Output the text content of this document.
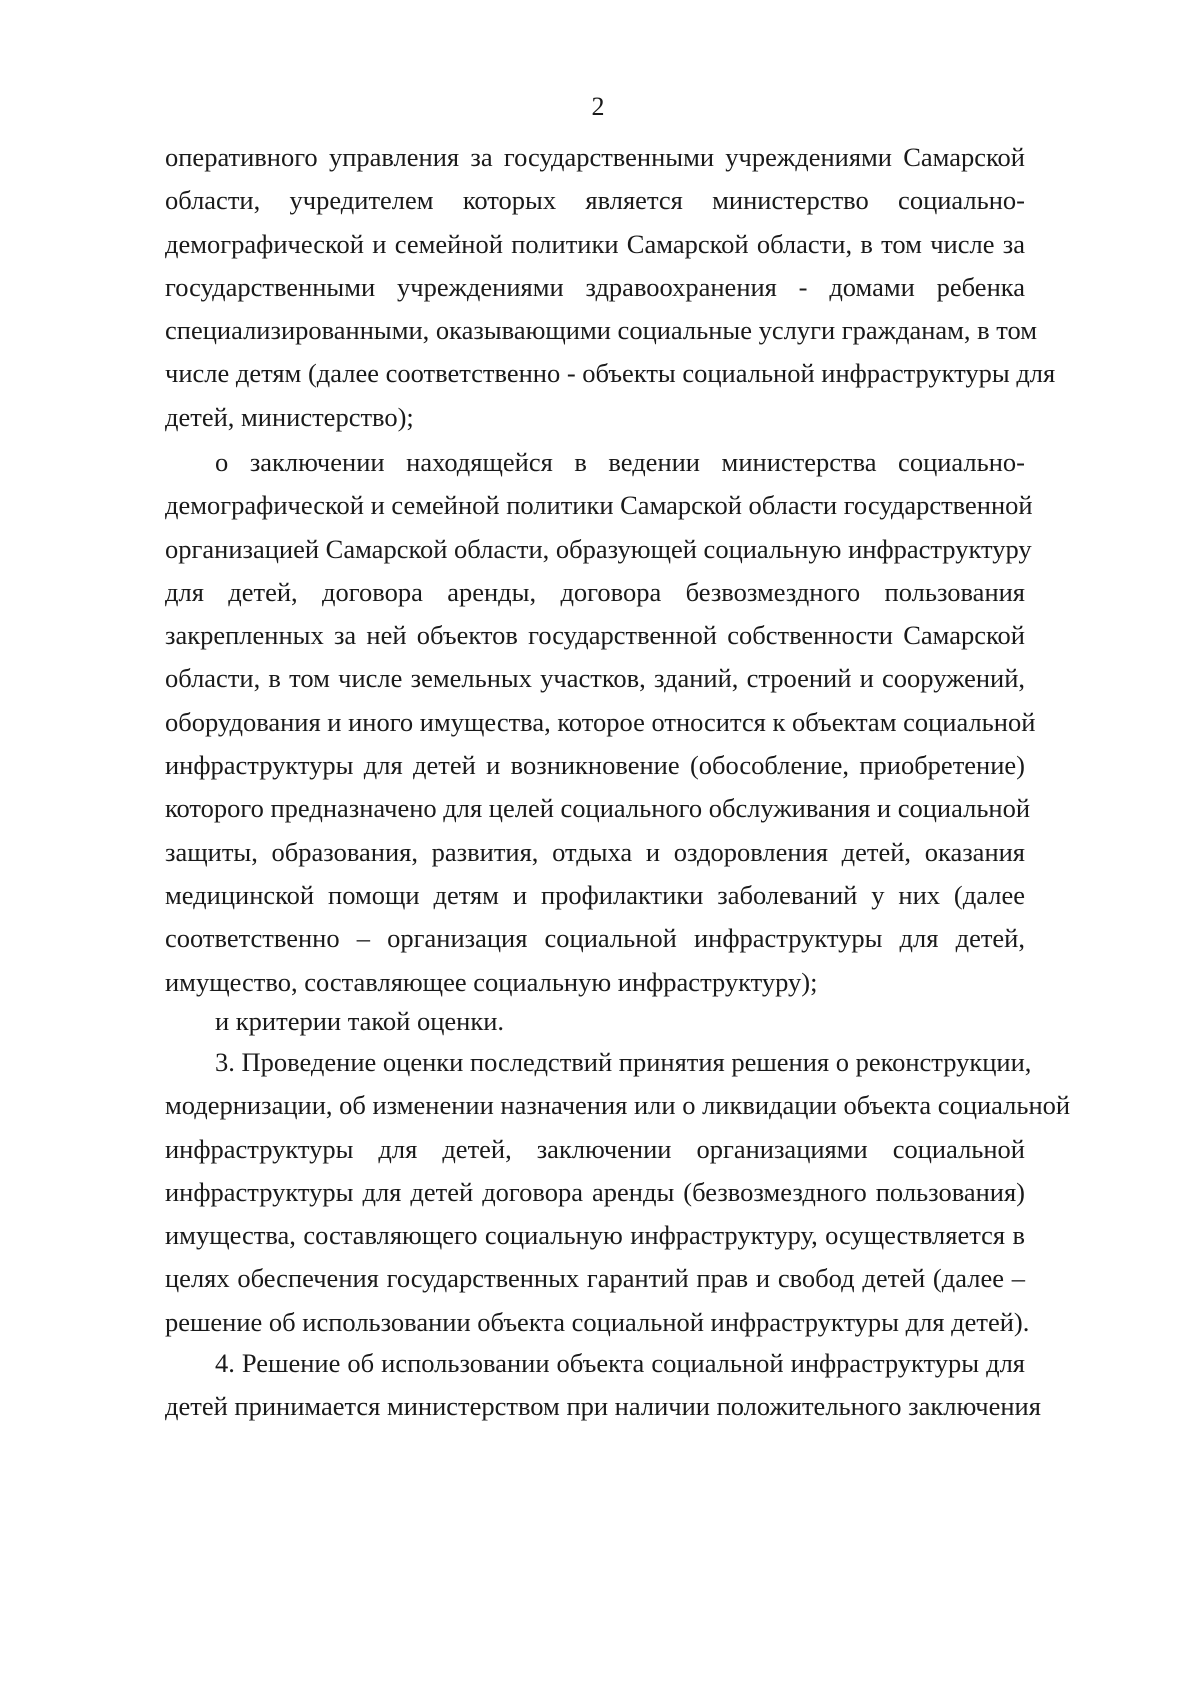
2
оперативного управления за государственными учреждениями Самарской
области, учредителем которых является министерство социально-
демографической и семейной политики Самарской области, в том числе за
государственными учреждениями здравоохранения - домами ребенка
специализированными, оказывающими социальные услуги гражданам, в том
числе детям (далее соответственно - объекты социальной инфраструктуры для
детей, министерство);
о заключении находящейся в ведении министерства социально-
демографической и семейной политики Самарской области государственной
организацией Самарской области, образующей социальную инфраструктуру
для детей, договора аренды, договора безвозмездного пользования
закрепленных за ней объектов государственной собственности Самарской
области, в том числе земельных участков, зданий, строений и сооружений,
оборудования и иного имущества, которое относится к объектам социальной
инфраструктуры для детей и возникновение (обособление, приобретение)
которого предназначено для целей социального обслуживания и социальной
защиты, образования, развития, отдыха и оздоровления детей, оказания
медицинской помощи детям и профилактики заболеваний у них (далее
соответственно – организация социальной инфраструктуры для детей,
имущество, составляющее социальную инфраструктуру);
и критерии такой оценки.
3. Проведение оценки последствий принятия решения о реконструкции,
модернизации, об изменении назначения или о ликвидации объекта социальной
инфраструктуры для детей, заключении организациями социальной
инфраструктуры для детей договора аренды (безвозмездного пользования)
имущества, составляющего социальную инфраструктуру, осуществляется в
целях обеспечения государственных гарантий прав и свобод детей (далее –
решение об использовании объекта социальной инфраструктуры для детей).
4. Решение об использовании объекта социальной инфраструктуры для
детей принимается министерством при наличии положительного заключения
